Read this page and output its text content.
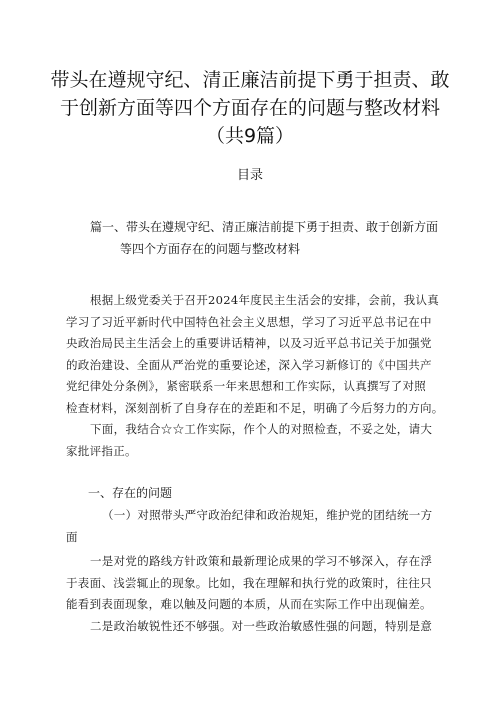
带头在遵规守纪、清正廉洁前提下勇于担责、敢
于创新方面等四个方面存在的问题与整改材料
（共9篇）
目录
篇一、带头在遵规守纪、清正廉洁前提下勇于担责、敢于创新方面
等四个方面存在的问题与整改材料
根据上级党委关于召开2024年度民主生活会的安排，会前，我认真
学习了习近平新时代中国特色社会主义思想，学习了习近平总书记在中
央政治局民主生活会上的重要讲话精神，以及习近平总书记关于加强党
的政治建设、全面从严治党的重要论述，深入学习新修订的《中国共产
党纪律处分条例》，紧密联系一年来思想和工作实际，认真撰写了对照
检查材料，深刻剖析了自身存在的差距和不足，明确了今后努力的方向。
下面，我结合☆☆工作实际，作个人的对照检查，不妥之处，请大
家批评指正。
一、存在的问题
（一）对照带头严守政治纪律和政治规矩，维护党的团结统一方
面
一是对党的路线方针政策和最新理论成果的学习不够深入，存在浮
于表面、浅尝辄止的现象。比如，我在理解和执行党的政策时，往往只
能看到表面现象，难以触及问题的本质，从而在实际工作中出现偏差。
二是政治敏锐性还不够强。对一些政治敏感性强的问题，特别是意
